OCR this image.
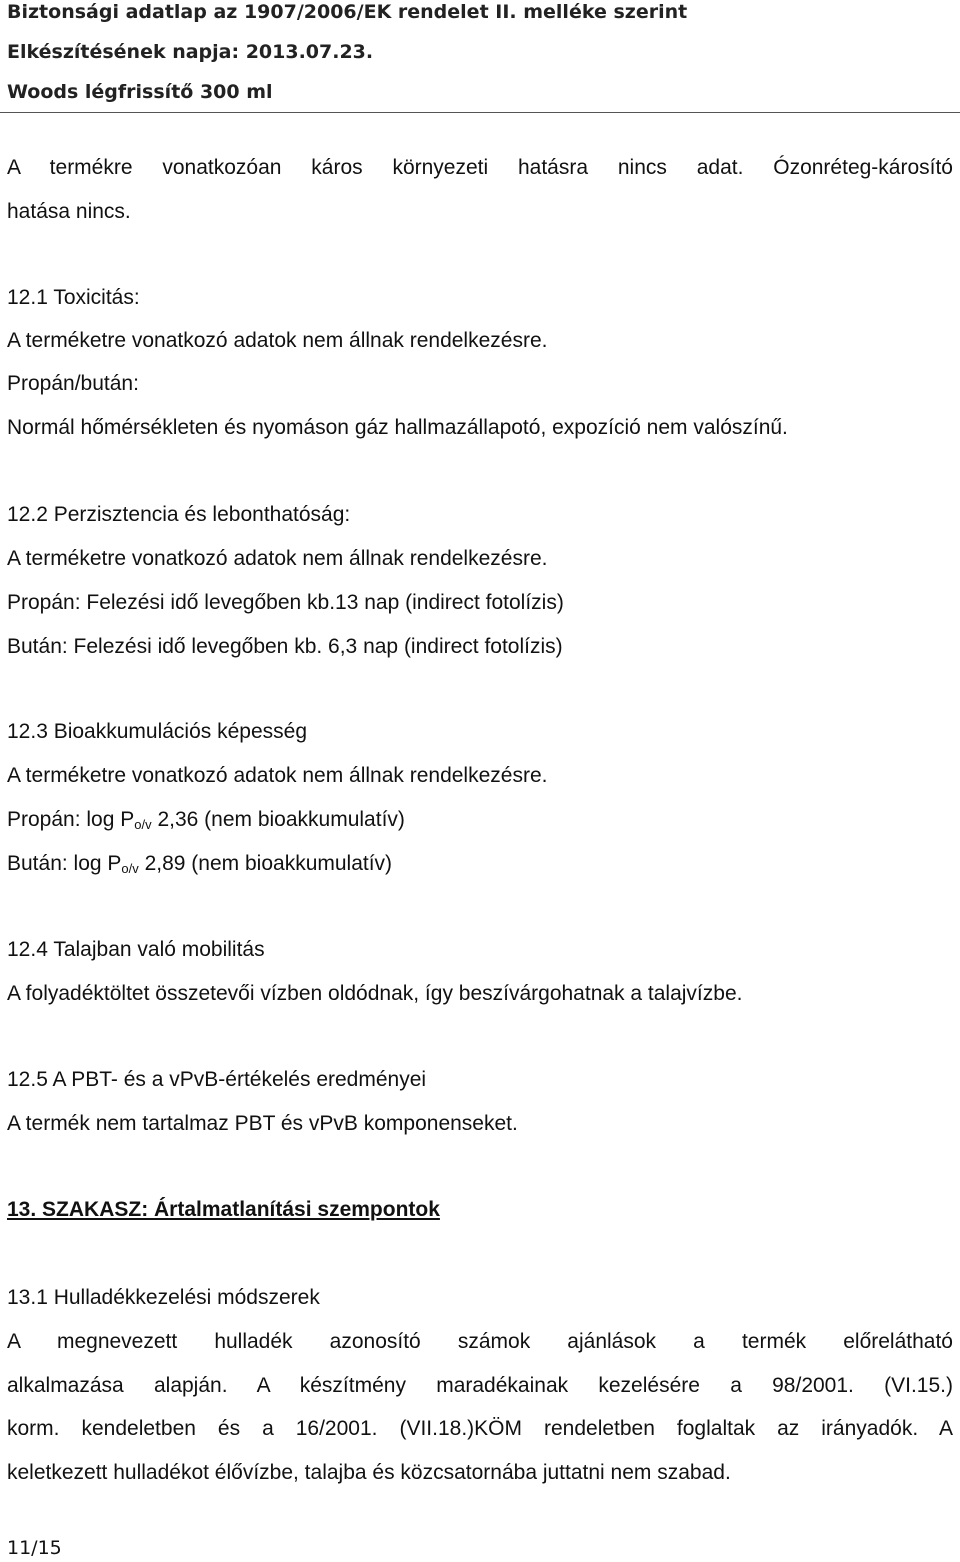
Biztonsági adatlap az 1907/2006/EK rendelet II. melléke szerint
Elkészítésének napja: 2013.07.23.
Woods légfrissítő 300 ml
A termékre vonatkozóan káros környezeti hatásra nincs adat. Ózonréteg-károsító
hatása nincs.
12.1 Toxicitás:
A terméketre vonatkozó adatok nem állnak rendelkezésre.
Propán/bután:
Normál hőmérsékleten és nyomáson gáz hallmazállapotó, expozíció nem valószínű.
12.2 Perzisztencia és lebonthatóság:
A terméketre vonatkozó adatok nem állnak rendelkezésre.
Propán: Felezési idő levegőben kb.13 nap (indirect fotolízis)
Bután: Felezési idő levegőben kb. 6,3 nap (indirect fotolízis)
12.3 Bioakkumulációs képesség
A terméketre vonatkozó adatok nem állnak rendelkezésre.
Propán: $\log P_{o/v}$ 2,36 (nem bioakkumulatív)
Bután: $\log P_{o/v}$ 2,89 (nem bioakkumulatív)
12.4 Talajban való mobilitás
A folyadéktöltet összetevői vízben oldódnak, így beszívárgohatnak a talajvízbe.
12.5 A PBT- és a vPvB-értékelés eredményei
A termék nem tartalmaz PBT és vPvB komponenseket.
13. SZAKASZ: Ártalmatlanítási szempontok
13.1 Hulladékkezelési módszerek
A megnevezett hulladék azonosító számok ajánlások a termék előrelátható
alkalmazása alapján. A készítmény maradékainak kezelésére a 98/2001. (VI.15.)
korm. kendeletben és a 16/2001. (VII.18.)KÖM rendeletben foglaltak az irányadók. A
keletkezett hulladékot élővízbe, talajba és közcsatornába juttatni nem szabad.
11/15
